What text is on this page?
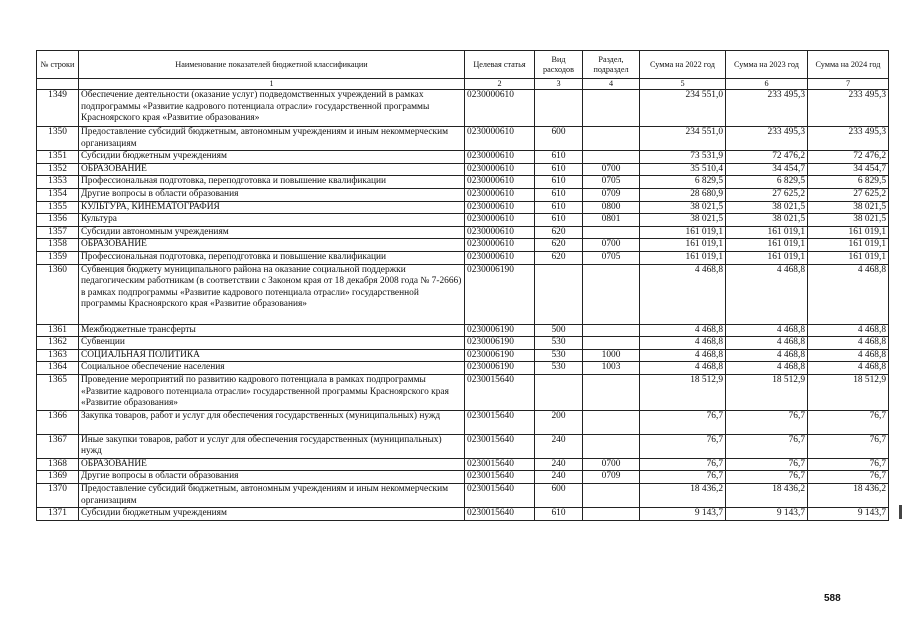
№ строки	Наименование показателей бюджетной классификации	Целевая статья	Вид расходов	Раздел, подраздел	Сумма на 2022 год	Сумма на 2023 год	Сумма на 2024 год
	1	2	3	4	5	6	7
1349	Обеспечение деятельности (оказание услуг) подведомственных учреждений в рамках подпрограммы «Развитие кадрового потенциала отрасли» государственной программы Красноярского края «Развитие образования»	0230000610			234 551,0	233 495,3	233 495,3
1350	Предоставление субсидий бюджетным, автономным учреждениям и иным некоммерческим организациям	0230000610	600		234 551,0	233 495,3	233 495,3
1351	Субсидии бюджетным учреждениям	0230000610	610		73 531,9	72 476,2	72 476,2
1352	ОБРАЗОВАНИЕ	0230000610	610	0700	35 510,4	34 454,7	34 454,7
1353	Профессиональная подготовка, переподготовка и повышение квалификации	0230000610	610	0705	6 829,5	6 829,5	6 829,5
1354	Другие вопросы в области образования	0230000610	610	0709	28 680,9	27 625,2	27 625,2
1355	КУЛЬТУРА, КИНЕМАТОГРАФИЯ	0230000610	610	0800	38 021,5	38 021,5	38 021,5
1356	Культура	0230000610	610	0801	38 021,5	38 021,5	38 021,5
1357	Субсидии автономным учреждениям	0230000610	620		161 019,1	161 019,1	161 019,1
1358	ОБРАЗОВАНИЕ	0230000610	620	0700	161 019,1	161 019,1	161 019,1
1359	Профессиональная подготовка, переподготовка и повышение квалификации	0230000610	620	0705	161 019,1	161 019,1	161 019,1
1360	Субвенция бюджету муниципального района на оказание социальной поддержки педагогическим работникам (в соответствии с Законом края от 18 декабря 2008 года № 7-2666) в рамках подпрограммы «Развитие кадрового потенциала отрасли» государственной программы Красноярского края «Развитие образования»	0230006190			4 468,8	4 468,8	4 468,8
1361	Межбюджетные трансферты	0230006190	500		4 468,8	4 468,8	4 468,8
1362	Субвенции	0230006190	530		4 468,8	4 468,8	4 468,8
1363	СОЦИАЛЬНАЯ ПОЛИТИКА	0230006190	530	1000	4 468,8	4 468,8	4 468,8
1364	Социальное обеспечение населения	0230006190	530	1003	4 468,8	4 468,8	4 468,8
1365	Проведение мероприятий по развитию кадрового потенциала в рамках подпрограммы «Развитие кадрового потенциала отрасли» государственной программы Красноярского края «Развитие образования»	0230015640			18 512,9	18 512,9	18 512,9
1366	Закупка товаров, работ и услуг для обеспечения государственных (муниципальных) нужд	0230015640	200		76,7	76,7	76,7
1367	Иные закупки товаров, работ и услуг для обеспечения государственных (муниципальных) нужд	0230015640	240		76,7	76,7	76,7
1368	ОБРАЗОВАНИЕ	0230015640	240	0700	76,7	76,7	76,7
1369	Другие вопросы в области образования	0230015640	240	0709	76,7	76,7	76,7
1370	Предоставление субсидий бюджетным, автономным учреждениям и иным некоммерческим организациям	0230015640	600		18 436,2	18 436,2	18 436,2
1371	Субсидии бюджетным учреждениям	0230015640	610		9 143,7	9 143,7	9 143,7
588
